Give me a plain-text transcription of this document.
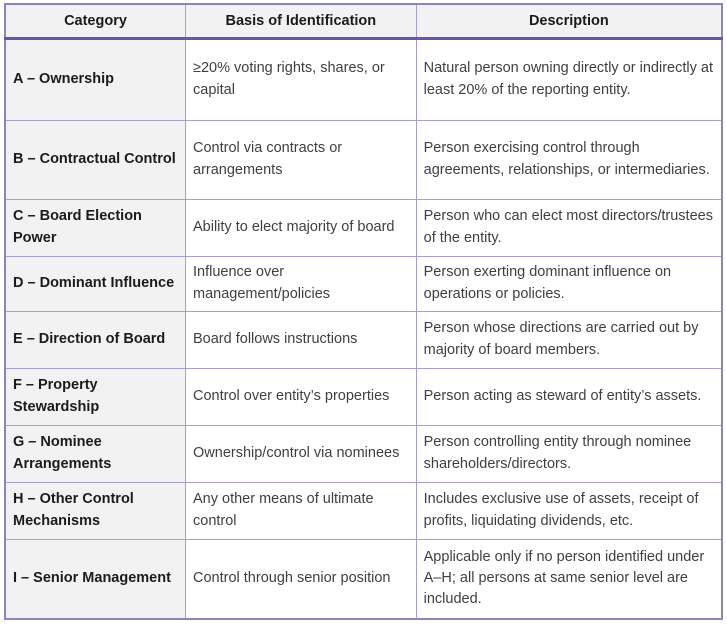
Category	Basis of Identification	Description
A – Ownership	≥20% voting rights, shares, or capital	Natural person owning directly or indirectly at least 20% of the reporting entity.
B – Contractual Control	Control via contracts or arrangements	Person exercising control through agreements, relationships, or intermediaries.
C – Board Election Power	Ability to elect majority of board	Person who can elect most directors/trustees of the entity.
D – Dominant Influence	Influence over management/policies	Person exerting dominant influence on operations or policies.
E – Direction of Board	Board follows instructions	Person whose directions are carried out by majority of board members.
F – Property Stewardship	Control over entity’s properties	Person acting as steward of entity’s assets.
G – Nominee Arrangements	Ownership/control via nominees	Person controlling entity through nominee shareholders/directors.
H – Other Control Mechanisms	Any other means of ultimate control	Includes exclusive use of assets, receipt of profits, liquidating dividends, etc.
I – Senior Management	Control through senior position	Applicable only if no person identified under A–H; all persons at same senior level are included.
